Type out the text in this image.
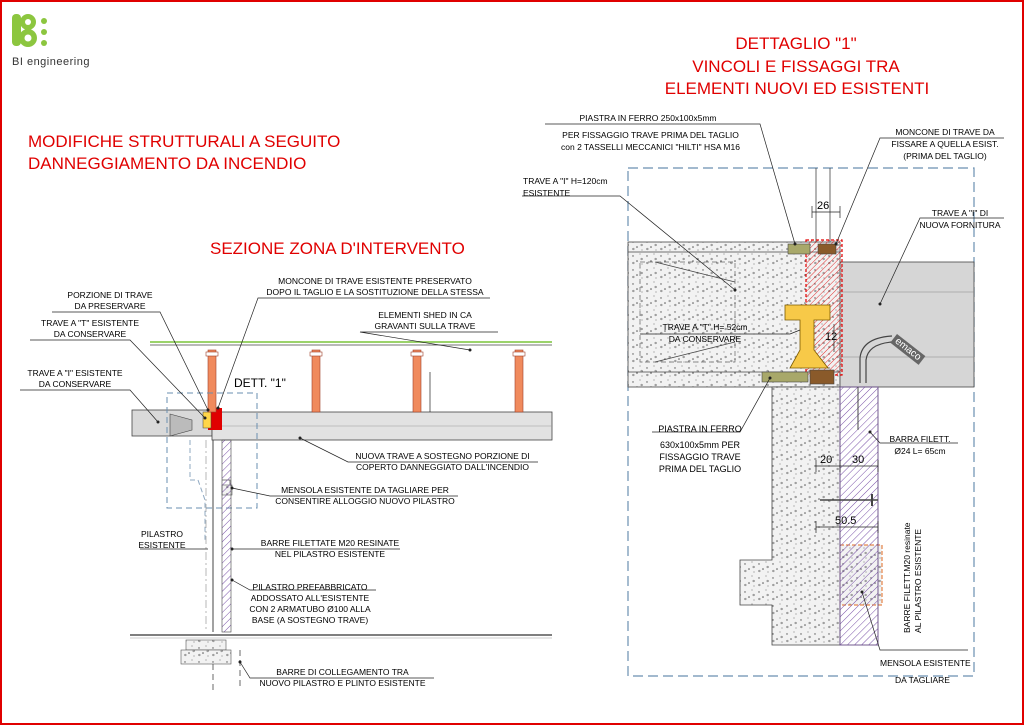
BI engineering
MODIFICHE STRUTTURALI A SEGUITO
DANNEGGIAMENTO DA INCENDIO
SEZIONE ZONA D'INTERVENTO
DETTAGLIO "1"
VINCOLI E FISSAGGI TRA
ELEMENTI NUOVI ED ESISTENTI
PORZIONE DI TRAVE
DA PRESERVARE
TRAVE A "T" ESISTENTE
DA CONSERVARE
TRAVE A "I" ESISTENTE
DA CONSERVARE
MONCONE DI TRAVE ESISTENTE PRESERVATO
DOPO IL TAGLIO E LA SOSTITUZIONE DELLA STESSA
ELEMENTI SHED IN CA
GRAVANTI SULLA TRAVE
DETT. "1"
NUOVA TRAVE A SOSTEGNO PORZIONE DI
COPERTO DANNEGGIATO DALL'INCENDIO
MENSOLA ESISTENTE DA TAGLIARE PER
CONSENTIRE ALLOGGIO NUOVO PILASTRO
PILASTRO
ESISTENTE	BARRE FILETTATE M20 RESINATE
NEL PILASTRO ESISTENTE
PILASTRO PREFABBRICATO
ADDOSSATO ALL'ESISTENTE
CON 2 ARMATUBO Ø100 ALLA
BASE (A SOSTEGNO TRAVE)
BARRE DI COLLEGAMENTO TRA
NUOVO PILASTRO E PLINTO ESISTENTE
PIASTRA IN FERRO 250x100x5mm
PER FISSAGGIO TRAVE PRIMA DEL TAGLIO
con 2 TASSELLI MECCANICI "HILTI" HSA M16
MONCONE DI TRAVE DA
FISSARE A QUELLA ESIST.
(PRIMA DEL TAGLIO)
TRAVE A "I" H=120cm
ESISTENTE
26
TRAVE A "I" DI
NUOVA FORNITURA
TRAVE A "T" H= 52cm
DA CONSERVARE	12	emaco
PIASTRA IN FERRO
630x100x5mm PER
FISSAGGIO TRAVE
PRIMA DEL TAGLIO
BARRA FILETT.
Ø24 L= 65cm
20 30
50.5
BARRE FILETT.M20 resinate AL PILASTRO ESISTENTE
MENSOLA ESISTENTE
DA TAGLIARE
